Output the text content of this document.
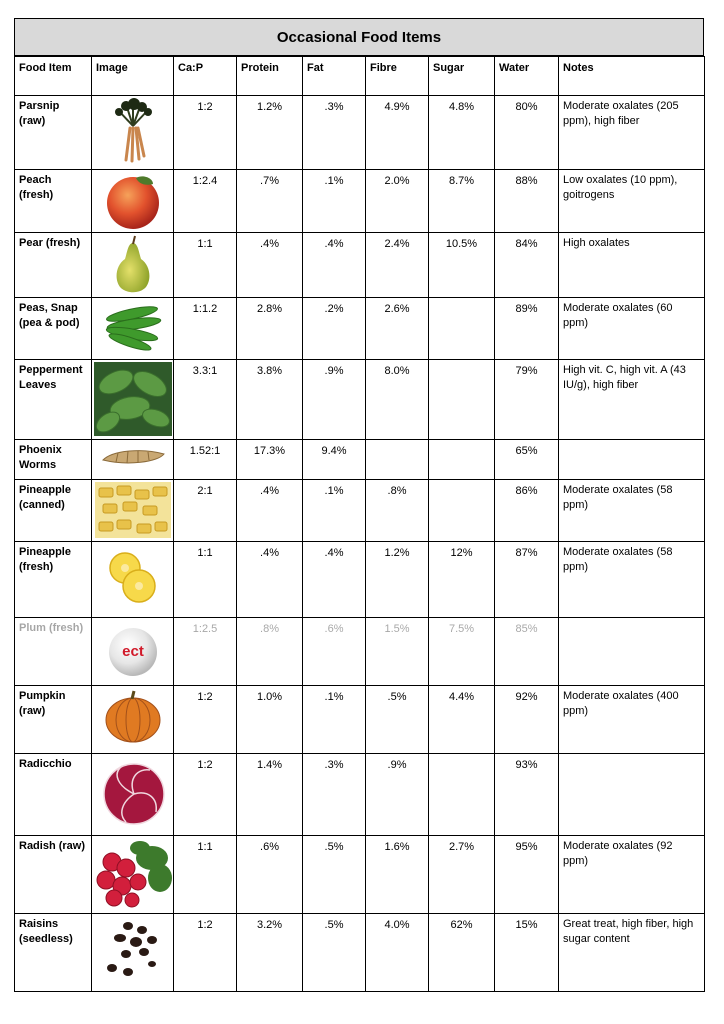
Occasional Food Items
Food Item	Image	Ca:P	Protein	Fat	Fibre	Sugar	Water	Notes
Parsnip (raw)		1:2	1.2%	.3%	4.9%	4.8%	80%	Moderate oxalates (205 ppm), high fiber
Peach (fresh)		1:2.4	.7%	.1%	2.0%	8.7%	88%	Low oxalates (10 ppm), goitrogens
Pear (fresh)		1:1	.4%	.4%	2.4%	10.5%	84%	High oxalates
Peas, Snap (pea & pod)		1:1.2	2.8%	.2%	2.6%		89%	Moderate oxalates (60 ppm)
Pepperment Leaves		3.3:1	3.8%	.9%	8.0%		79%	High vit. C, high vit. A (43 IU/g), high fiber
Phoenix Worms		1.52:1	17.3%	9.4%			65%	
Pineapple (canned)		2:1	.4%	.1%	.8%		86%	Moderate oxalates (58 ppm)
Pineapple (fresh)		1:1	.4%	.4%	1.2%	12%	87%	Moderate oxalates (58 ppm)
Plum (fresh)	ect	1:2.5	.8%	.6%	1.5%	7.5%	85%	
Pumpkin (raw)		1:2	1.0%	.1%	.5%	4.4%	92%	Moderate oxalates (400 ppm)
Radicchio		1:2	1.4%	.3%	.9%		93%	
Radish (raw)		1:1	.6%	.5%	1.6%	2.7%	95%	Moderate oxalates (92 ppm)
Raisins (seedless)		1:2	3.2%	.5%	4.0%	62%	15%	Great treat, high fiber, high sugar content
